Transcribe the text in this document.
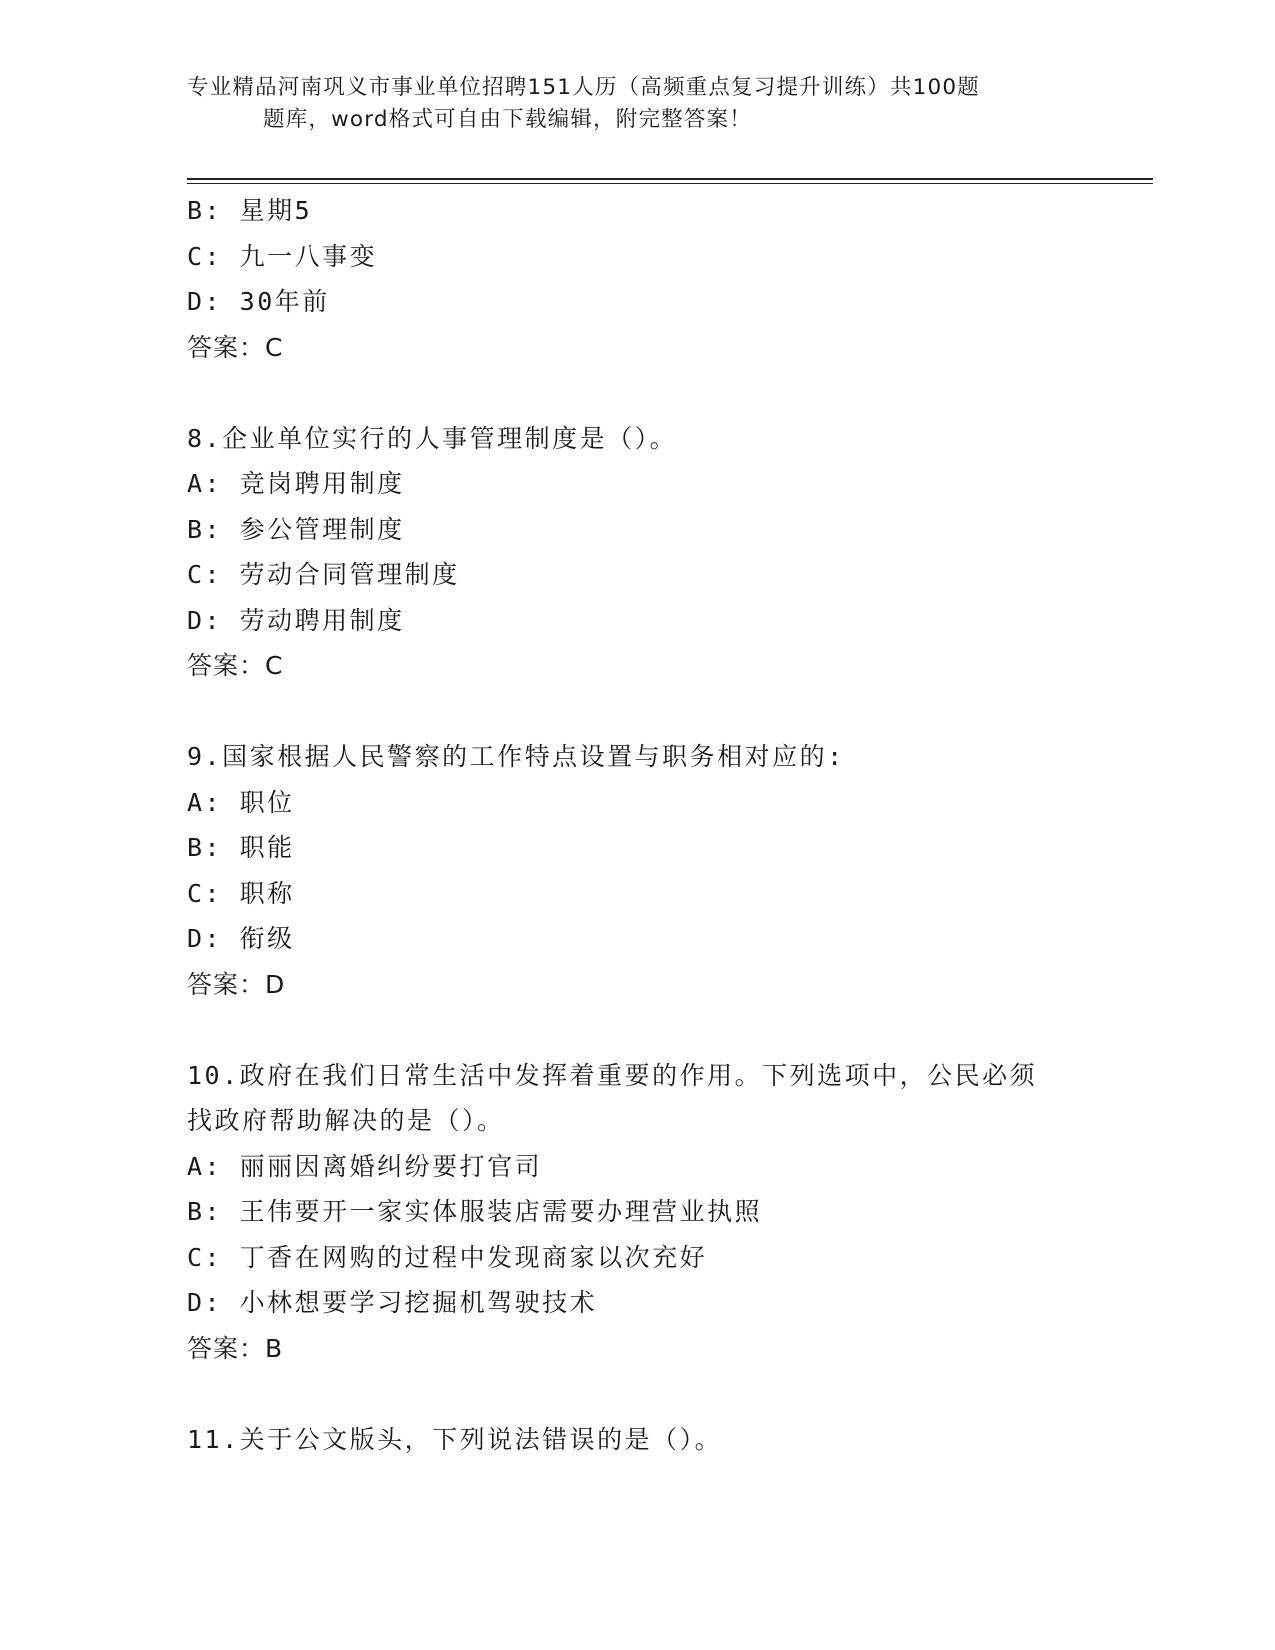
专业精品河南巩义市事业单位招聘151人历（高频重点复习提升训练）共100题
题库，word格式可自由下载编辑，附完整答案！
B: 星期5
C: 九一八事变
D: 30年前
答案：C
8.企业单位实行的人事管理制度是（）。
A: 竞岗聘用制度
B: 参公管理制度
C: 劳动合同管理制度
D: 劳动聘用制度
答案：C
9.国家根据人民警察的工作特点设置与职务相对应的:
A: 职位
B: 职能
C: 职称
D: 衔级
答案：D
10.政府在我们日常生活中发挥着重要的作用。下列选项中，公民必须
找政府帮助解决的是（）。
A: 丽丽因离婚纠纷要打官司
B: 王伟要开一家实体服装店需要办理营业执照
C: 丁香在网购的过程中发现商家以次充好
D: 小林想要学习挖掘机驾驶技术
答案：B
11.关于公文版头，下列说法错误的是（）。
